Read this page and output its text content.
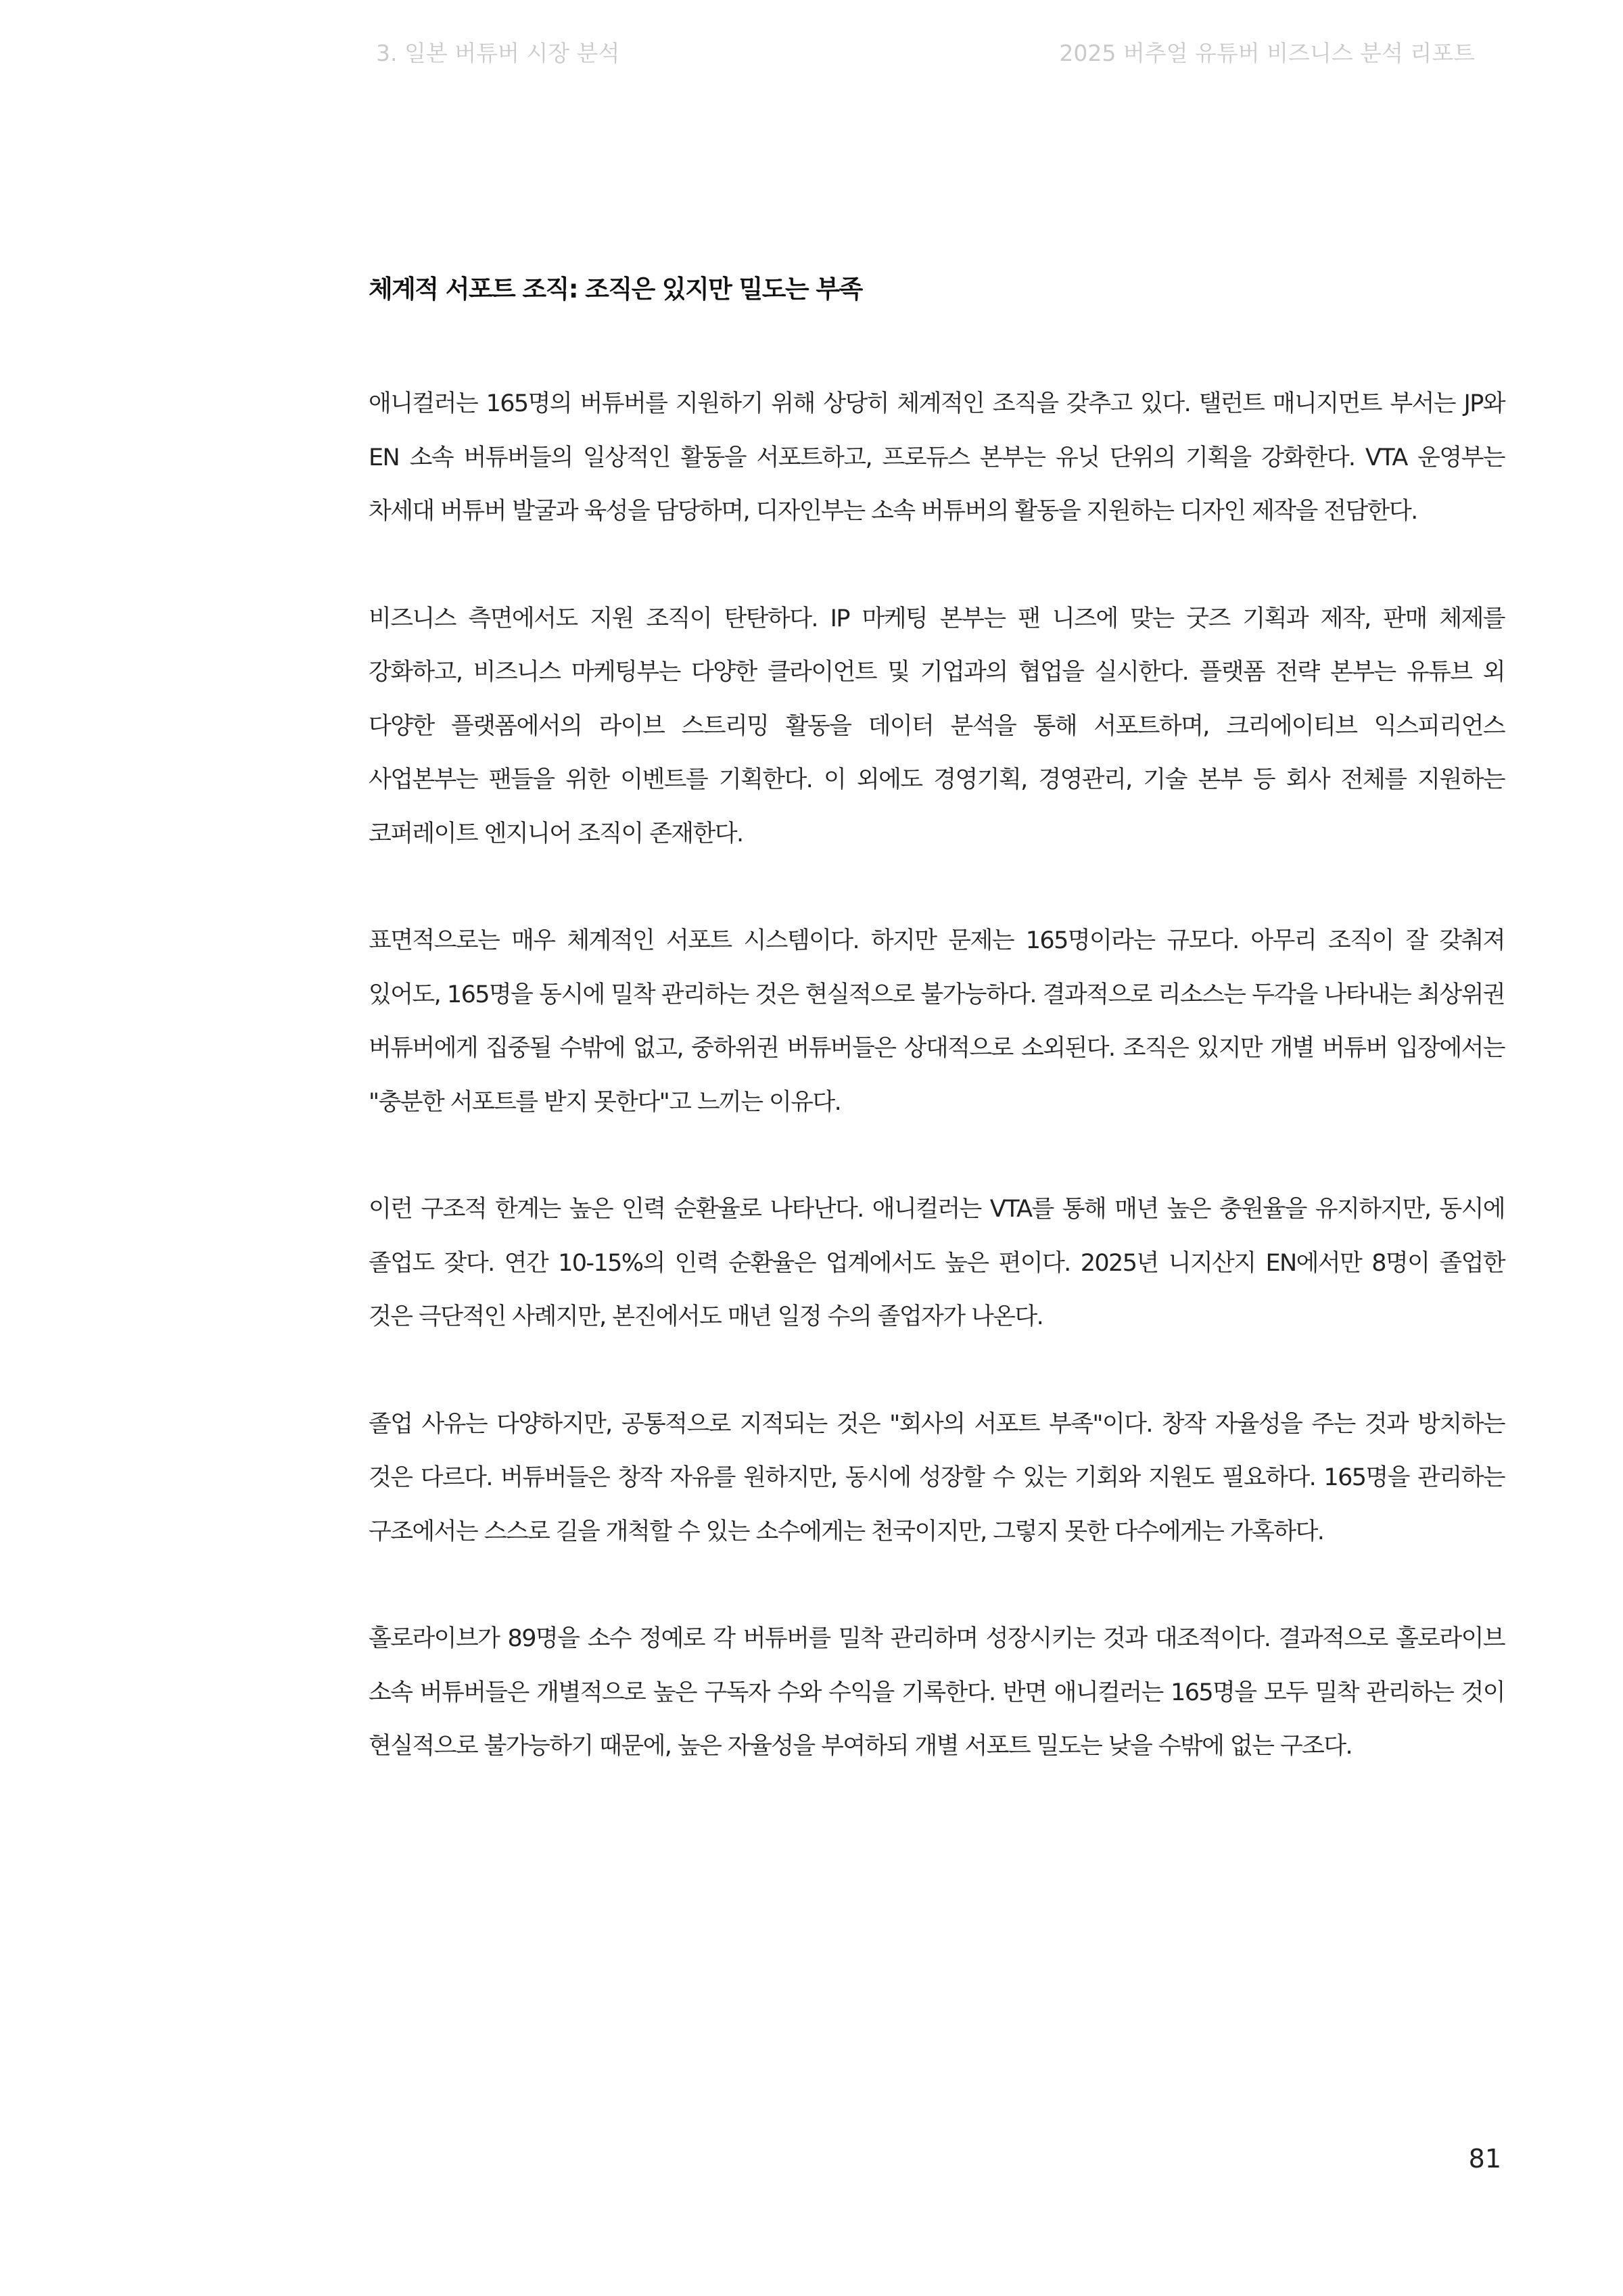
3. 일본 버튜버 시장 분석	2025 버추얼 유튜버 비즈니스 분석 리포트
체계적 서포트 조직: 조직은 있지만 밀도는 부족

애니컬러는 165명의 버튜버를 지원하기 위해 상당히 체계적인 조직을 갖추고 있다. 탤런트 매니지먼트 부서는 JP와 EN 소속 버튜버들의 일상적인 활동을 서포트하고, 프로듀스 본부는 유닛 단위의 기획을 강화한다. VTA 운영부는 차세대 버튜버 발굴과 육성을 담당하며, 디자인부는 소속 버튜버의 활동을 지원하는 디자인 제작을 전담한다.

비즈니스 측면에서도 지원 조직이 탄탄하다. IP 마케팅 본부는 팬 니즈에 맞는 굿즈 기획과 제작, 판매 체제를 강화하고, 비즈니스 마케팅부는 다양한 클라이언트 및 기업과의 협업을 실시한다. 플랫폼 전략 본부는 유튜브 외 다양한 플랫폼에서의 라이브 스트리밍 활동을 데이터 분석을 통해 서포트하며, 크리에이티브 익스피리언스 사업본부는 팬들을 위한 이벤트를 기획한다. 이 외에도 경영기획, 경영관리, 기술 본부 등 회사 전체를 지원하는 코퍼레이트 엔지니어 조직이 존재한다.

표면적으로는 매우 체계적인 서포트 시스템이다. 하지만 문제는 165명이라는 규모다. 아무리 조직이 잘 갖춰져 있어도, 165명을 동시에 밀착 관리하는 것은 현실적으로 불가능하다. 결과적으로 리소스는 두각을 나타내는 최상위권 버튜버에게 집중될 수밖에 없고, 중하위권 버튜버들은 상대적으로 소외된다. 조직은 있지만 개별 버튜버 입장에서는 "충분한 서포트를 받지 못한다"고 느끼는 이유다.

이런 구조적 한계는 높은 인력 순환율로 나타난다. 애니컬러는 VTA를 통해 매년 높은 충원율을 유지하지만, 동시에 졸업도 잦다. 연간 10-15%의 인력 순환율은 업계에서도 높은 편이다. 2025년 니지산지 EN에서만 8명이 졸업한 것은 극단적인 사례지만, 본진에서도 매년 일정 수의 졸업자가 나온다.

졸업 사유는 다양하지만, 공통적으로 지적되는 것은 "회사의 서포트 부족"이다. 창작 자율성을 주는 것과 방치하는 것은 다르다. 버튜버들은 창작 자유를 원하지만, 동시에 성장할 수 있는 기회와 지원도 필요하다. 165명을 관리하는 구조에서는 스스로 길을 개척할 수 있는 소수에게는 천국이지만, 그렇지 못한 다수에게는 가혹하다.

홀로라이브가 89명을 소수 정예로 각 버튜버를 밀착 관리하며 성장시키는 것과 대조적이다. 결과적으로 홀로라이브 소속 버튜버들은 개별적으로 높은 구독자 수와 수익을 기록한다. 반면 애니컬러는 165명을 모두 밀착 관리하는 것이 현실적으로 불가능하기 때문에, 높은 자율성을 부여하되 개별 서포트 밀도는 낮을 수밖에 없는 구조다.

81
